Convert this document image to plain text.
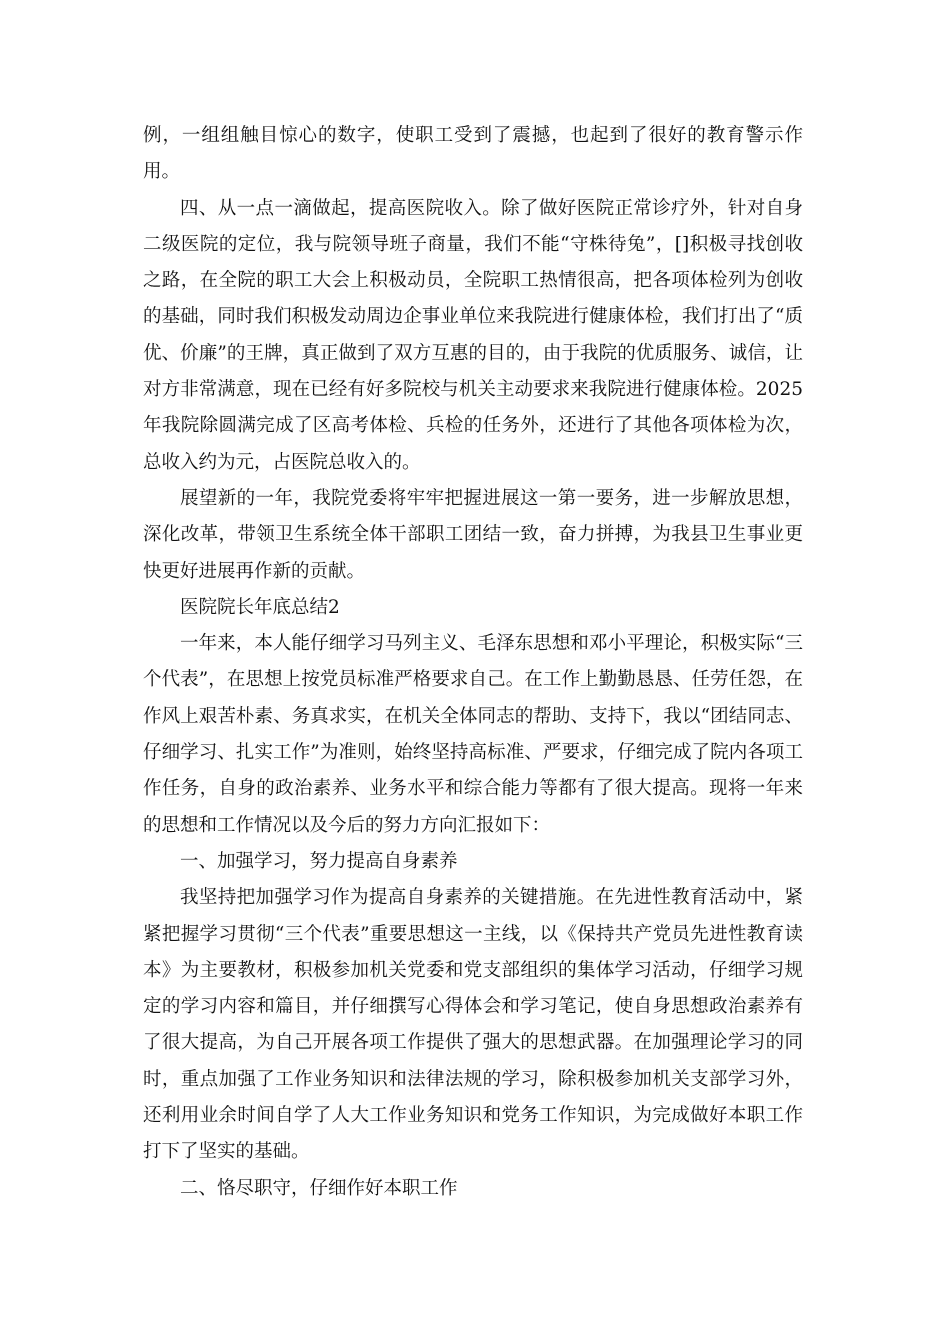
例，一组组触目惊心的数字，使职工受到了震撼，也起到了很好的教育警示作用。

四、从一点一滴做起，提高医院收入。除了做好医院正常诊疗外，针对自身二级医院的定位，我与院领导班子商量，我们不能“守株待兔”，[]积极寻找创收之路，在全院的职工大会上积极动员，全院职工热情很高，把各项体检列为创收的基础，同时我们积极发动周边企事业单位来我院进行健康体检，我们打出了“质优、价廉”的王牌，真正做到了双方互惠的目的，由于我院的优质服务、诚信，让对方非常满意，现在已经有好多院校与机关主动要求来我院进行健康体检。2025年我院除圆满完成了区高考体检、兵检的任务外，还进行了其他各项体检为次，总收入约为元，占医院总收入的。

展望新的一年，我院党委将牢牢把握进展这一第一要务，进一步解放思想，深化改革，带领卫生系统全体干部职工团结一致，奋力拼搏，为我县卫生事业更快更好进展再作新的贡献。

医院院长年底总结2

一年来，本人能仔细学习马列主义、毛泽东思想和邓小平理论，积极实际“三个代表”，在思想上按党员标准严格要求自己。在工作上勤勤恳恳、任劳任怨，在作风上艰苦朴素、务真求实，在机关全体同志的帮助、支持下，我以“团结同志、仔细学习、扎实工作”为准则，始终坚持高标准、严要求，仔细完成了院内各项工作任务，自身的政治素养、业务水平和综合能力等都有了很大提高。现将一年来的思想和工作情况以及今后的努力方向汇报如下：

一、加强学习，努力提高自身素养

我坚持把加强学习作为提高自身素养的关键措施。在先进性教育活动中，紧紧把握学习贯彻“三个代表”重要思想这一主线，以《保持共产党员先进性教育读本》为主要教材，积极参加机关党委和党支部组织的集体学习活动，仔细学习规定的学习内容和篇目，并仔细撰写心得体会和学习笔记，使自身思想政治素养有了很大提高，为自己开展各项工作提供了强大的思想武器。在加强理论学习的同时，重点加强了工作业务知识和法律法规的学习，除积极参加机关支部学习外，还利用业余时间自学了人大工作业务知识和党务工作知识，为完成做好本职工作打下了坚实的基础。

二、恪尽职守，仔细作好本职工作
